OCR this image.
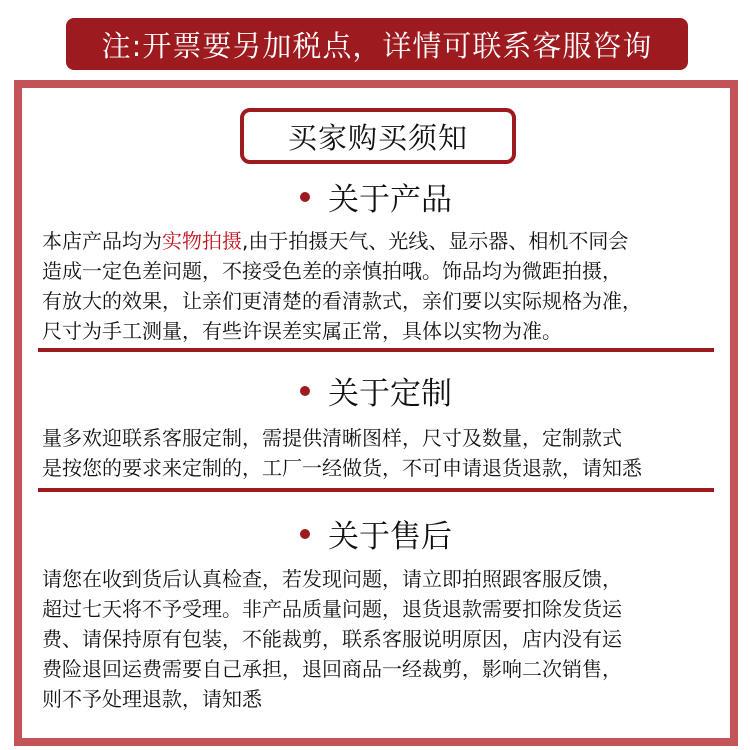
注:开票要另加税点，详情可联系客服咨询
买家购买须知
关于产品
本店产品均为实物拍摄,由于拍摄天气、光线、显示器、相机不同会
造成一定色差问题，不接受色差的亲慎拍哦。饰品均为微距拍摄，
有放大的效果，让亲们更清楚的看清款式，亲们要以实际规格为准，
尺寸为手工测量，有些许误差实属正常，具体以实物为准。
关于定制
量多欢迎联系客服定制，需提供清晰图样，尺寸及数量，定制款式
是按您的要求来定制的，工厂一经做货，不可申请退货退款，请知悉
关于售后
请您在收到货后认真检查，若发现问题，请立即拍照跟客服反馈，
超过七天将不予受理。非产品质量问题，退货退款需要扣除发货运
费、请保持原有包装，不能裁剪，联系客服说明原因，店内没有运
费险退回运费需要自己承担，退回商品一经裁剪，影响二次销售，
则不予处理退款，请知悉
